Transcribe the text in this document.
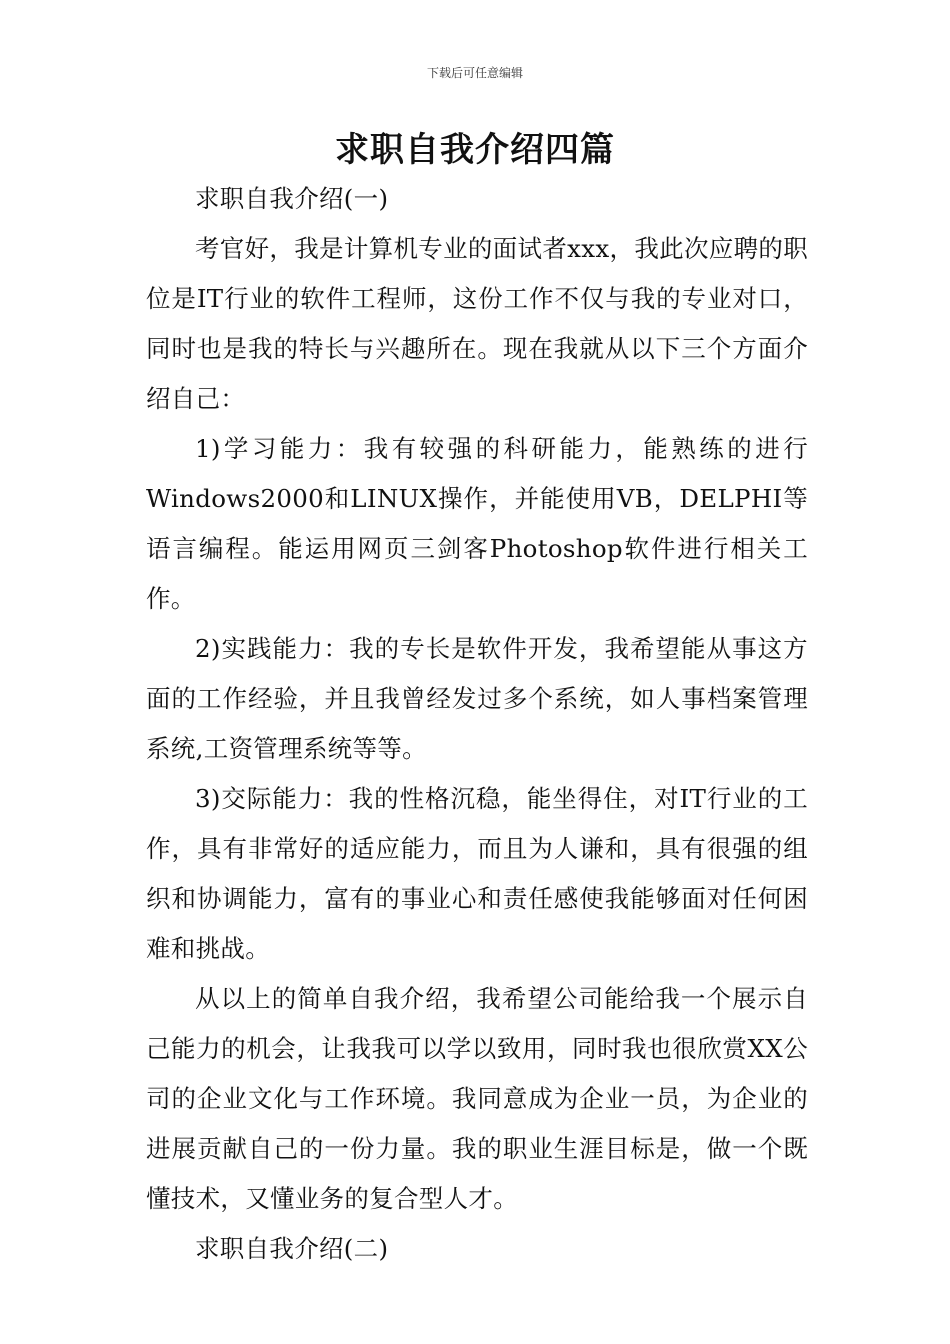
下载后可任意编辑
求职自我介绍四篇

求职自我介绍(一)

考官好，我是计算机专业的面试者xxx，我此次应聘的职位是IT行业的软件工程师，这份工作不仅与我的专业对口，同时也是我的特长与兴趣所在。现在我就从以下三个方面介绍自己：

1)学习能力：我有较强的科研能力，能熟练的进行Windows2000和LINUX操作，并能使用VB，DELPHI等语言编程。能运用网页三剑客Photoshop软件进行相关工作。

2)实践能力：我的专长是软件开发，我希望能从事这方面的工作经验，并且我曾经发过多个系统，如人事档案管理系统,工资管理系统等等。

3)交际能力：我的性格沉稳，能坐得住，对IT行业的工作，具有非常好的适应能力，而且为人谦和，具有很强的组织和协调能力，富有的事业心和责任感使我能够面对任何困难和挑战。

从以上的简单自我介绍，我希望公司能给我一个展示自己能力的机会，让我我可以学以致用，同时我也很欣赏XX公司的企业文化与工作环境。我同意成为企业一员，为企业的进展贡献自己的一份力量。我的职业生涯目标是，做一个既懂技术，又懂业务的复合型人才。

求职自我介绍(二)
